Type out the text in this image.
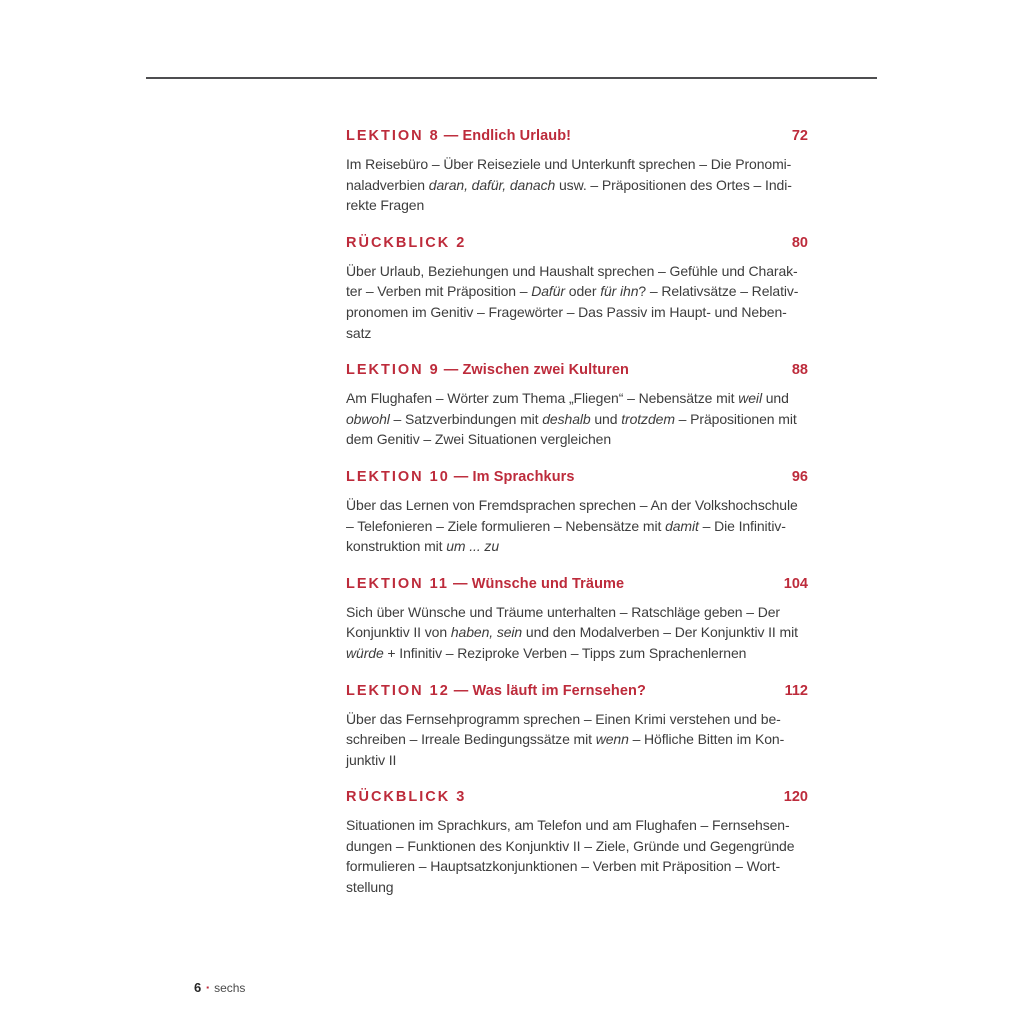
LEKTION 8 — Endlich Urlaub!	72
Im Reisebüro – Über Reiseziele und Unterkunft sprechen – Die Pronomi-
naladverbien daran, dafür, danach usw. – Präpositionen des Ortes – Indi-
rekte Fragen
RÜCKBLICK 2	80
Über Urlaub, Beziehungen und Haushalt sprechen – Gefühle und Charak-
ter – Verben mit Präposition – Dafür oder für ihn? – Relativsätze – Relativ-
pronomen im Genitiv – Fragewörter – Das Passiv im Haupt- und Neben-
satz
LEKTION 9 — Zwischen zwei Kulturen	88
Am Flughafen – Wörter zum Thema „Fliegen“ – Nebensätze mit weil und
obwohl – Satzverbindungen mit deshalb und trotzdem – Präpositionen mit
dem Genitiv – Zwei Situationen vergleichen
LEKTION 10 — Im Sprachkurs	96
Über das Lernen von Fremdsprachen sprechen – An der Volkshochschule
– Telefonieren – Ziele formulieren – Nebensätze mit damit – Die Infinitiv-
konstruktion mit um ... zu
LEKTION 11 — Wünsche und Träume	104
Sich über Wünsche und Träume unterhalten – Ratschläge geben – Der
Konjunktiv II von haben, sein und den Modalverben – Der Konjunktiv II mit
würde + Infinitiv – Reziproke Verben – Tipps zum Sprachenlernen
LEKTION 12 — Was läuft im Fernsehen?	112
Über das Fernsehprogramm sprechen – Einen Krimi verstehen und be-
schreiben – Irreale Bedingungssätze mit wenn – Höfliche Bitten im Kon-
junktiv II
RÜCKBLICK 3	120
Situationen im Sprachkurs, am Telefon und am Flughafen – Fernsehsen-
dungen – Funktionen des Konjunktiv II – Ziele, Gründe und Gegengründe
formulieren – Hauptsatzkonjunktionen – Verben mit Präposition – Wort-
stellung
6 ▪ sechs
